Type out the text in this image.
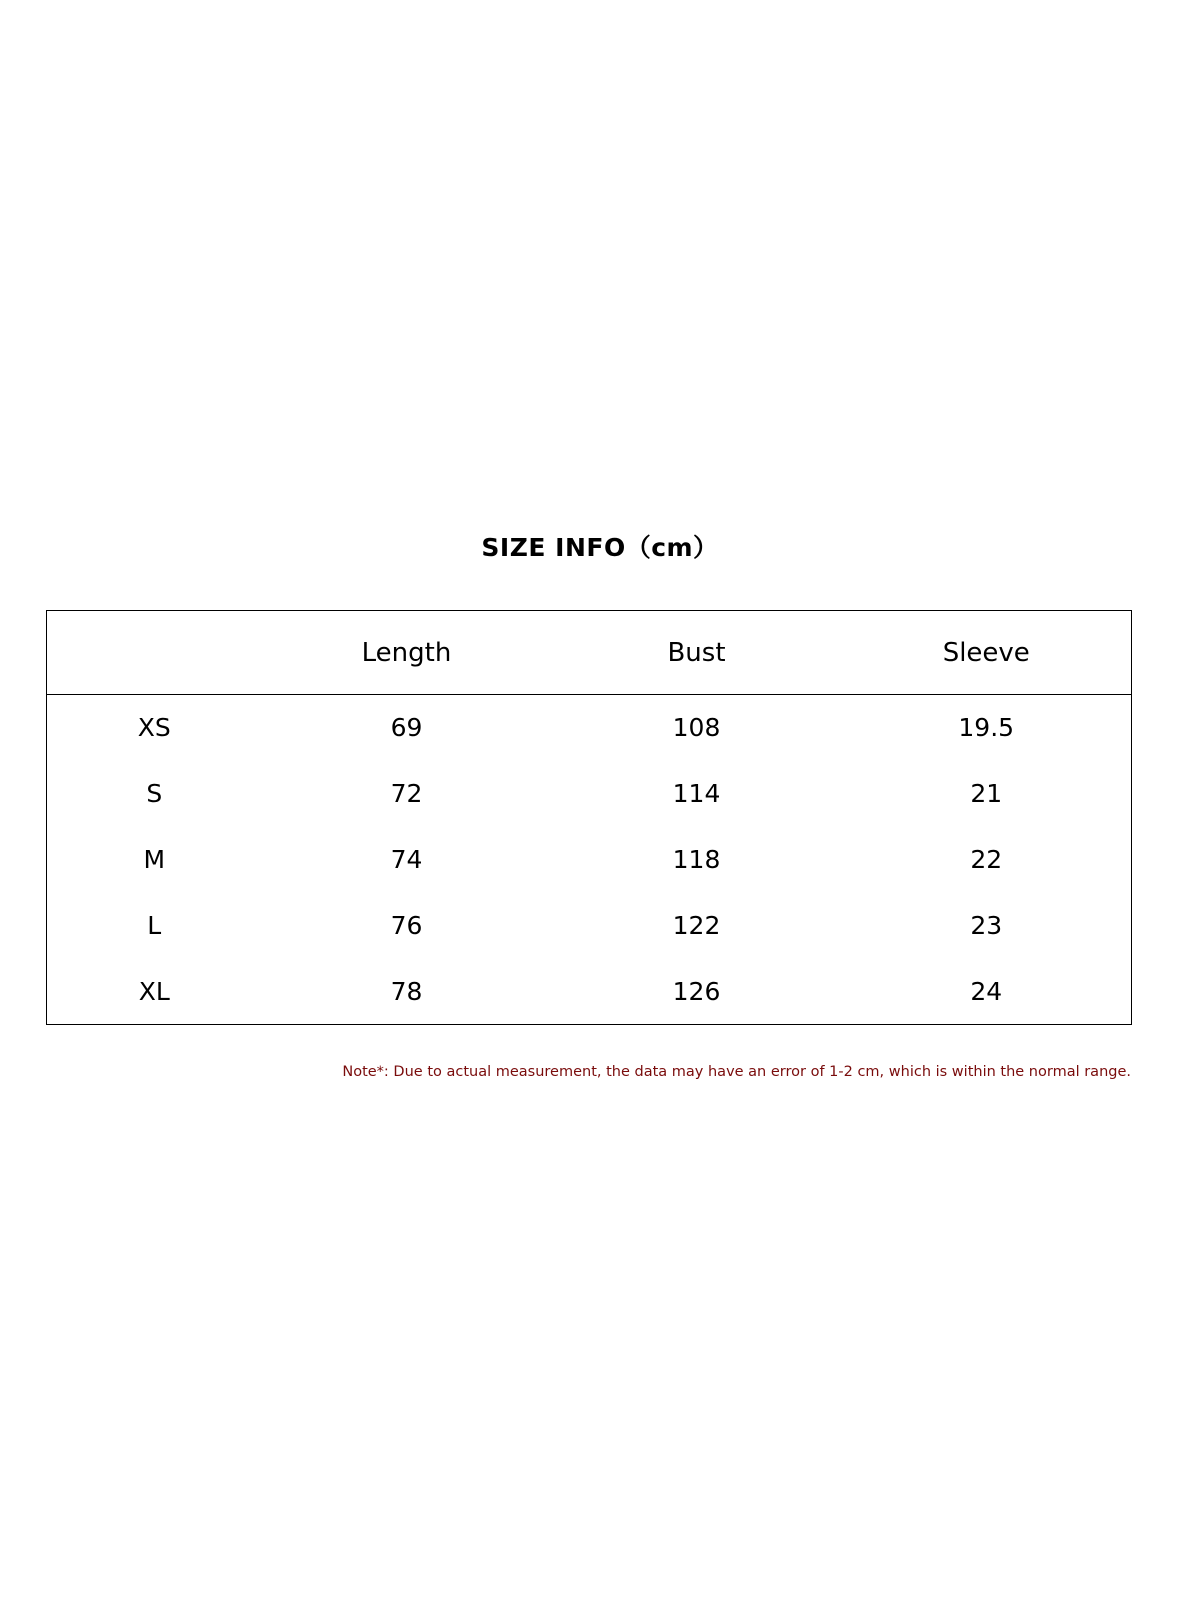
SIZE INFO（cm）
	Length	Bust	Sleeve
XS	69	108	19.5
S	72	114	21
M	74	118	22
L	76	122	23
XL	78	126	24
Note*: Due to actual measurement, the data may have an error of 1-2 cm, which is within the normal range.
